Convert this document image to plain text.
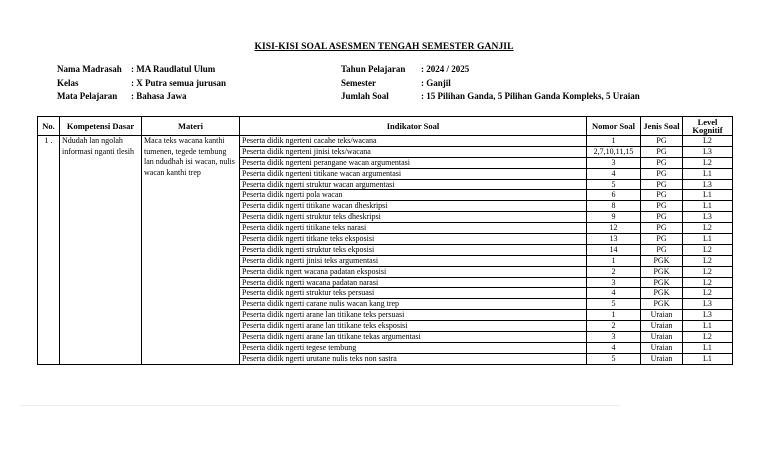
KISI-KISI SOAL ASESMEN TENGAH SEMESTER GANJIL
Nama Madrasah	: MA Raudlatul Ulum
Kelas	: X Putra semua jurusan
Mata Pelajaran	: Bahasa Jawa
Tahun Pelajaran	: 2024 / 2025
Semester	: Ganjil
Jumlah Soal	: 15 Pilihan Ganda, 5 Pilihan Ganda Kompleks, 5 Uraian
No.	Kompetensi Dasar	Materi	Indikator Soal	Nomor Soal	Jenis Soal	Level Kognitif
1 .	Ndudah lan ngolah informasi nganti tlesih	Maca teks wacana kanthi tumenen, tegede tembung lan ndudhah isi wacan, nulis wacan kanthi trep	Peserta didik ngerteni cacahe teks/wacana	1	PG	L2
			Peserta didik ngerteni jinisi teks/wacana	2,7,10,11,15	PG	L3
			Peserta didik ngerteni perangane wacan argumentasi	3	PG	L2
			Peserta didik ngerteni titikane wacan argumentasi	4	PG	L1
			Peserta didik ngerti struktur wacan argumentasi	5	PG	L3
			Peserta didik ngerti pola wacan	6	PG	L1
			Peserta didik ngerti titikane wacan dheskripsi	8	PG	L1
			Peserta didik ngerti struktur teks dheskripsi	9	PG	L3
			Peserta didik ngerti titikane teks narasi	12	PG	L2
			Peserta didik ngerti titkane teks eksposisi	13	PG	L1
			Peserta didik ngerti struktur teks ekposisi	14	PG	L2
			Peserta didik ngerti jinisi teks argumentasi	1	PGK	L2
			Peserta didik ngert wacana padatan eksposisi	2	PGK	L2
			Peserta didik ngerti wacana padatan narasi	3	PGK	L2
			Peserta didik ngerti struktur teks persuasi	4	PGK	L2
			Peserta didik ngerti carane nulis wacan kang trep	5	PGK	L3
			Peserta didik ngerti arane lan titikane teks persuasi	1	Uraian	L3
			Peserta didik ngerti arane lan titikane teks eksposisi	2	Uraian	L1
			Peserta didik ngerti arane lan titikane tekas argumentasi	3	Uraian	L2
			Peserta didik ngerti tegese tembung	4	Uraian	L1
			Peserta didik ngerti urutane nulis teks non sastra	5	Uraian	L1
